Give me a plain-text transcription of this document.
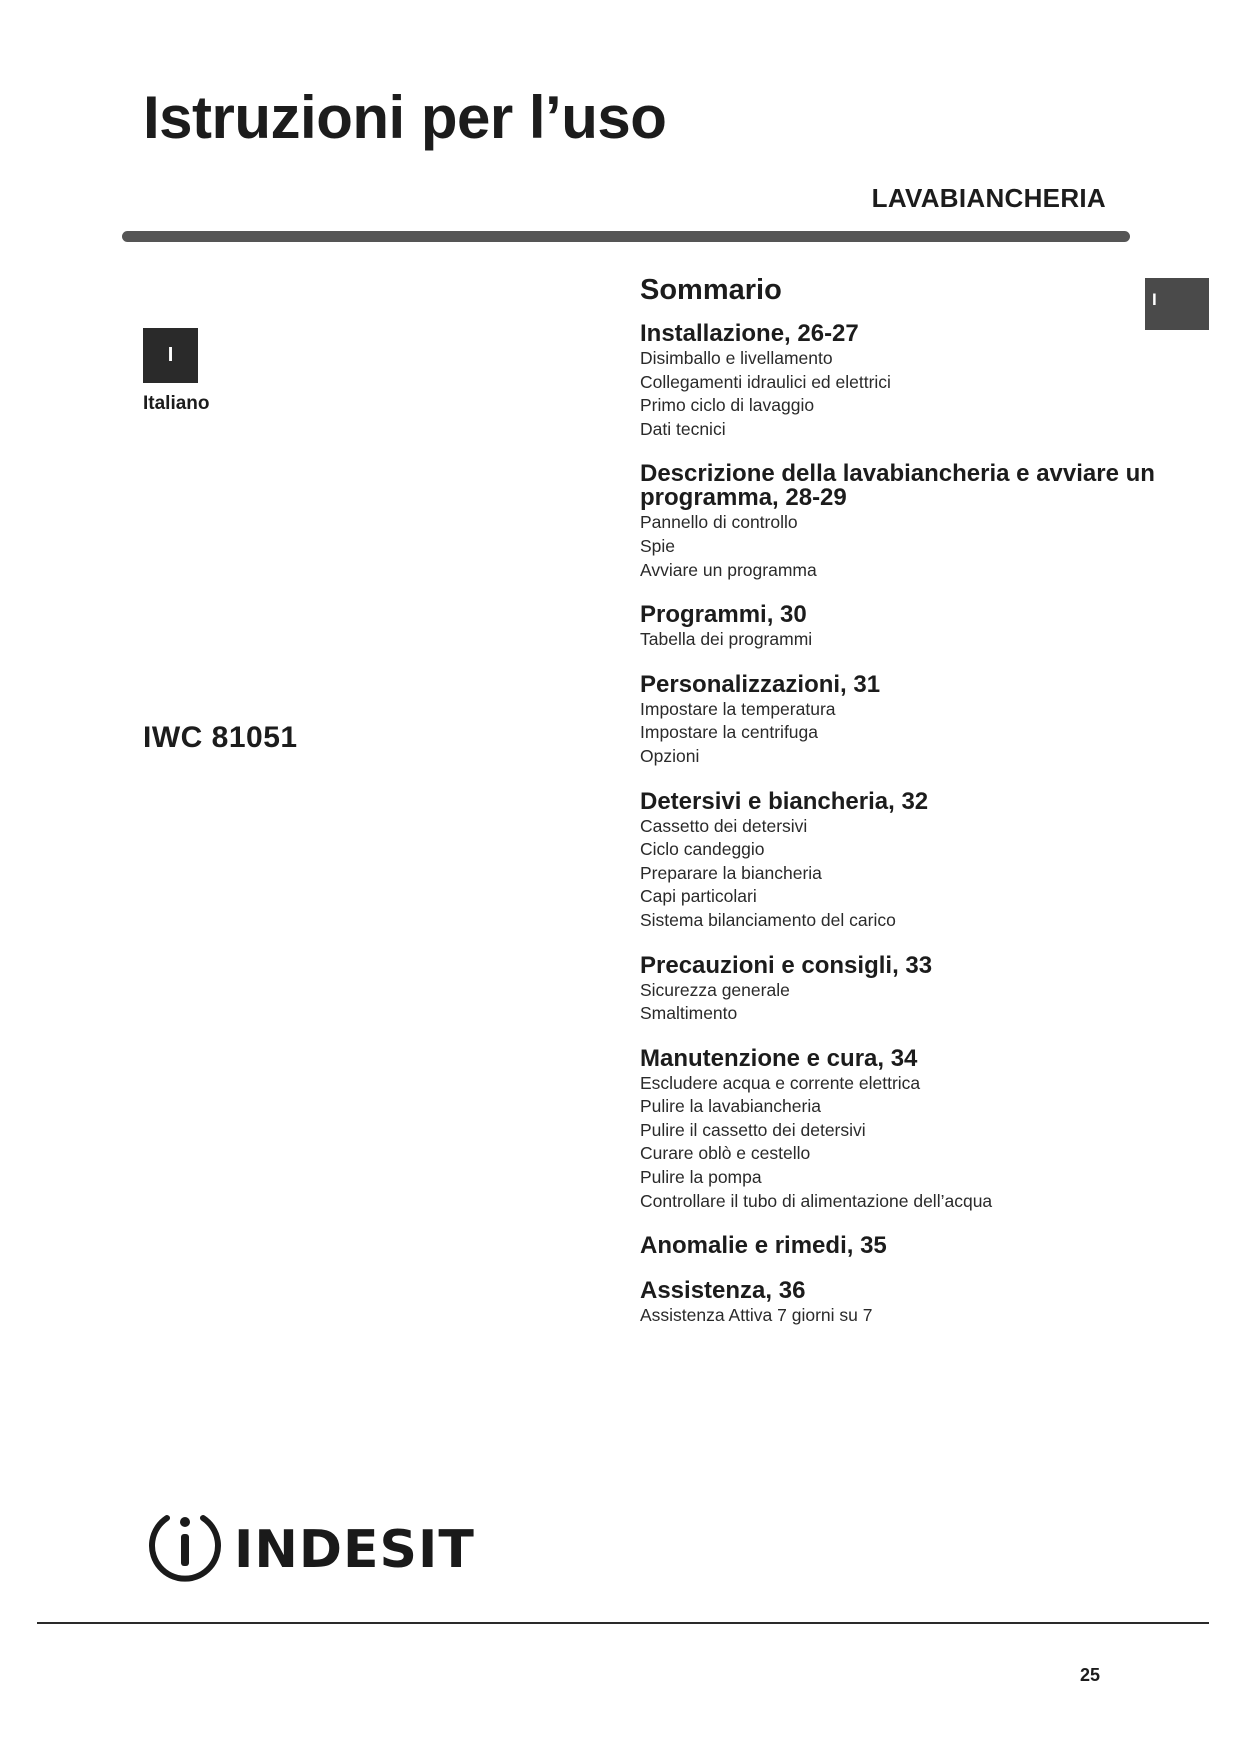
Istruzioni per l’uso
LAVABIANCHERIA
I
Italiano
I
IWC 81051
Sommario
Installazione, 26-27
Disimballo e livellamento
Collegamenti idraulici ed elettrici
Primo ciclo di lavaggio
Dati tecnici
Descrizione della lavabiancheria e avviare un programma, 28-29
Pannello di controllo
Spie
Avviare un programma
Programmi, 30
Tabella dei programmi
Personalizzazioni, 31
Impostare la temperatura
Impostare la centrifuga
Opzioni
Detersivi e biancheria, 32
Cassetto dei detersivi
Ciclo candeggio
Preparare la biancheria
Capi particolari
Sistema bilanciamento del carico
Precauzioni e consigli, 33
Sicurezza generale
Smaltimento
Manutenzione e cura, 34
Escludere acqua e corrente elettrica
Pulire la lavabiancheria
Pulire il cassetto dei detersivi
Curare oblò e cestello
Pulire la pompa
Controllare il tubo di alimentazione dell’acqua
Anomalie e rimedi, 35
Assistenza, 36
Assistenza Attiva 7 giorni su 7
INDESIT
25
